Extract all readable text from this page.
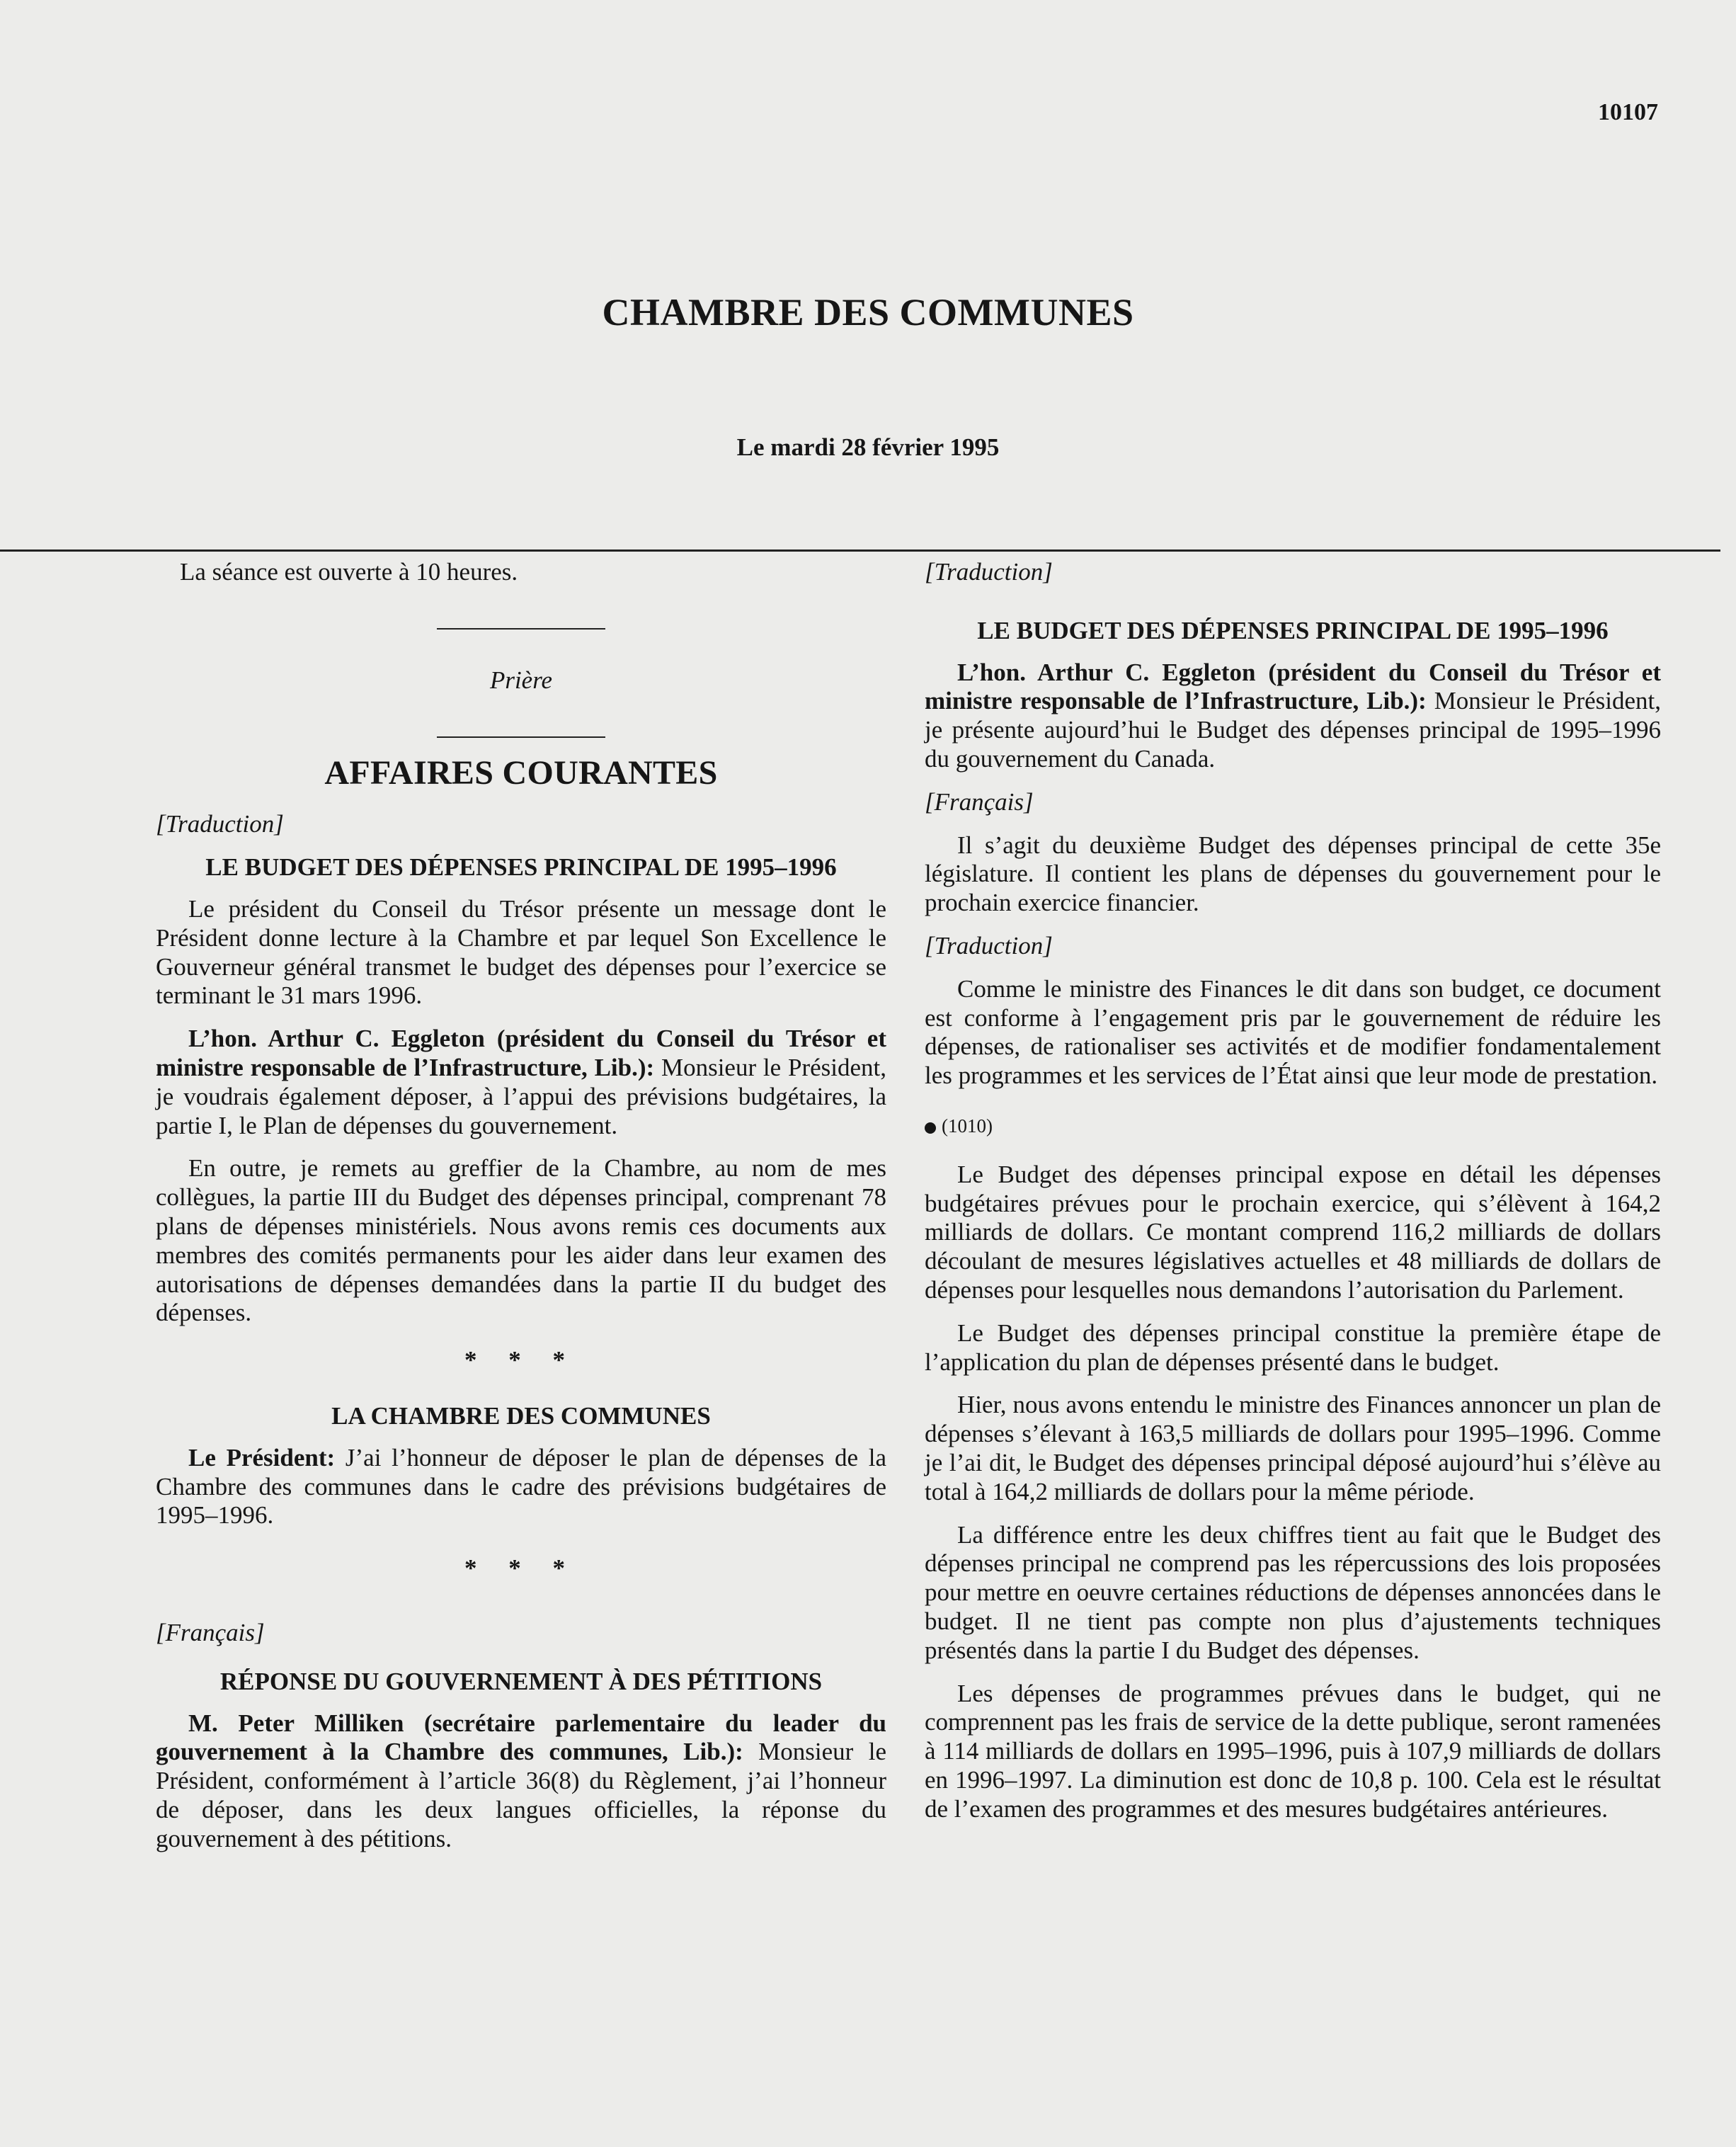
10107
CHAMBRE DES COMMUNES
Le mardi 28 février 1995

La séance est ouverte à 10 heures.

Prière
AFFAIRES COURANTES
[Traduction]
LE BUDGET DES DÉPENSES PRINCIPAL DE 1995–1996

Le président du Conseil du Trésor présente un message dont le Président donne lecture à la Chambre et par lequel Son Excellence le Gouverneur général transmet le budget des dépenses pour l’exercice se terminant le 31 mars 1996.

L’hon. Arthur C. Eggleton (président du Conseil du Trésor et ministre responsable de l’Infrastructure, Lib.): Monsieur le Président, je voudrais également déposer, à l’appui des prévisions budgétaires, la partie I, le Plan de dépenses du gouvernement.

En outre, je remets au greffier de la Chambre, au nom de mes collègues, la partie III du Budget des dépenses principal, comprenant 78 plans de dépenses ministériels. Nous avons remis ces documents aux membres des comités permanents pour les aider dans leur examen des autorisations de dépenses demandées dans la partie II du budget des dépenses.

* * *
LA CHAMBRE DES COMMUNES

Le Président: J’ai l’honneur de déposer le plan de dépenses de la Chambre des communes dans le cadre des prévisions budgétaires de 1995–1996.

* * *
[Français]
RÉPONSE DU GOUVERNEMENT À DES PÉTITIONS

M. Peter Milliken (secrétaire parlementaire du leader du gouvernement à la Chambre des communes, Lib.): Monsieur le Président, conformément à l’article 36(8) du Règlement, j’ai l’honneur de déposer, dans les deux langues officielles, la réponse du gouvernement à des pétitions.

[Traduction]
LE BUDGET DES DÉPENSES PRINCIPAL DE 1995–1996

L’hon. Arthur C. Eggleton (président du Conseil du Trésor et ministre responsable de l’Infrastructure, Lib.): Monsieur le Président, je présente aujourd’hui le Budget des dépenses principal de 1995–1996 du gouvernement du Canada.

[Français]

Il s’agit du deuxième Budget des dépenses principal de cette 35e législature. Il contient les plans de dépenses du gouvernement pour le prochain exercice financier.

[Traduction]

Comme le ministre des Finances le dit dans son budget, ce document est conforme à l’engagement pris par le gouvernement de réduire les dépenses, de rationaliser ses activités et de modifier fondamentalement les programmes et les services de l’État ainsi que leur mode de prestation.

(1010)

Le Budget des dépenses principal expose en détail les dépenses budgétaires prévues pour le prochain exercice, qui s’élèvent à 164,2 milliards de dollars. Ce montant comprend 116,2 milliards de dollars découlant de mesures législatives actuelles et 48 milliards de dollars de dépenses pour lesquelles nous demandons l’autorisation du Parlement.

Le Budget des dépenses principal constitue la première étape de l’application du plan de dépenses présenté dans le budget.

Hier, nous avons entendu le ministre des Finances annoncer un plan de dépenses s’élevant à 163,5 milliards de dollars pour 1995–1996. Comme je l’ai dit, le Budget des dépenses principal déposé aujourd’hui s’élève au total à 164,2 milliards de dollars pour la même période.

La différence entre les deux chiffres tient au fait que le Budget des dépenses principal ne comprend pas les répercussions des lois proposées pour mettre en oeuvre certaines réductions de dépenses annoncées dans le budget. Il ne tient pas compte non plus d’ajustements techniques présentés dans la partie I du Budget des dépenses.

Les dépenses de programmes prévues dans le budget, qui ne comprennent pas les frais de service de la dette publique, seront ramenées à 114 milliards de dollars en 1995–1996, puis à 107,9 milliards de dollars en 1996–1997. La diminution est donc de 10,8 p. 100. Cela est le résultat de l’examen des programmes et des mesures budgétaires antérieures.
